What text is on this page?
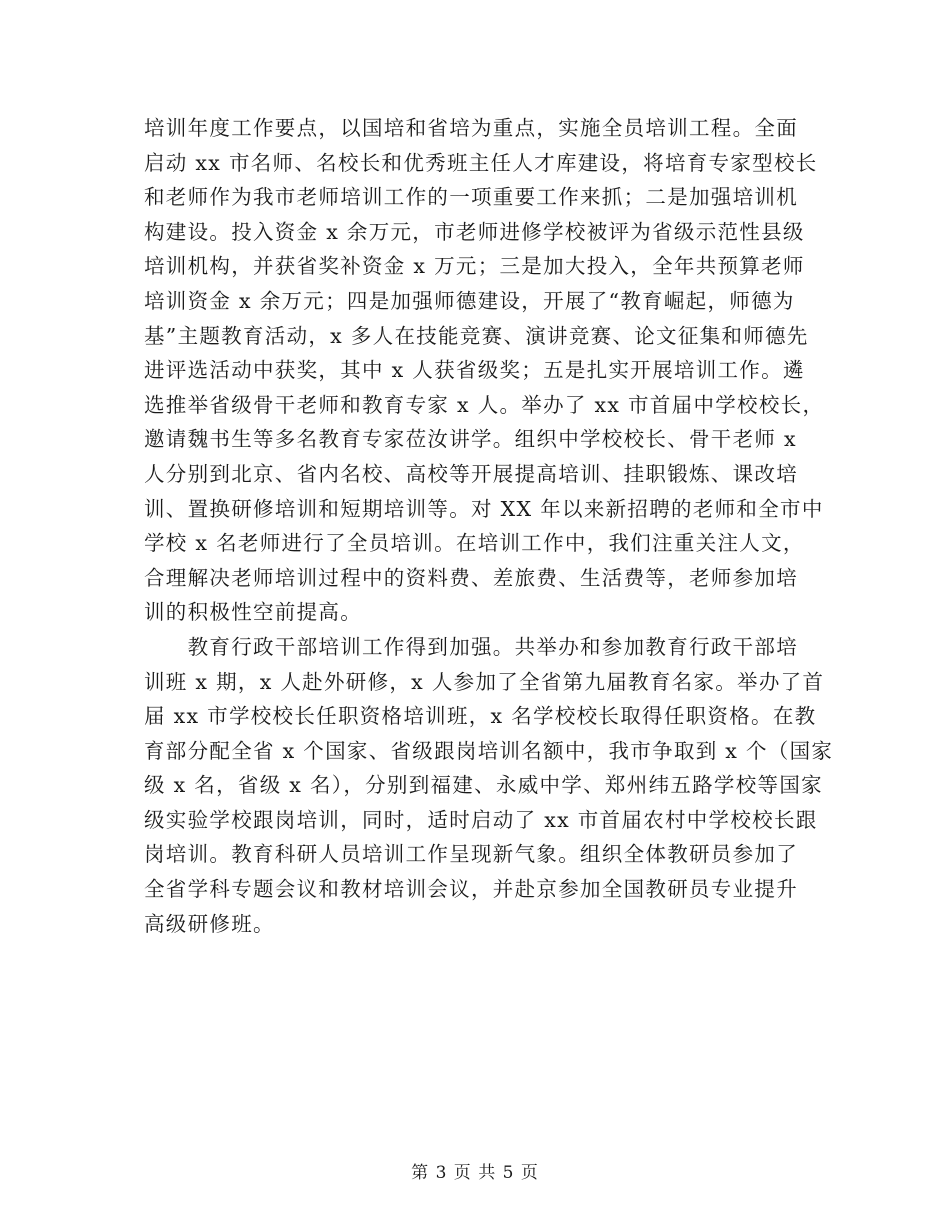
培训年度工作要点，以国培和省培为重点，实施全员培训工程。全面
启动 xx 市名师、名校长和优秀班主任人才库建设，将培育专家型校长
和老师作为我市老师培训工作的一项重要工作来抓；二是加强培训机
构建设。投入资金 x 余万元，市老师进修学校被评为省级示范性县级
培训机构，并获省奖补资金 x 万元；三是加大投入，全年共预算老师
培训资金 x 余万元；四是加强师德建设，开展了“教育崛起，师德为
基”主题教育活动，x 多人在技能竞赛、演讲竞赛、论文征集和师德先
进评选活动中获奖，其中 x 人获省级奖；五是扎实开展培训工作。遴
选推举省级骨干老师和教育专家 x 人。举办了 xx 市首届中学校校长，
邀请魏书生等多名教育专家莅汝讲学。组织中学校校长、骨干老师 x
人分别到北京、省内名校、高校等开展提高培训、挂职锻炼、课改培
训、置换研修培训和短期培训等。对 XX 年以来新招聘的老师和全市中
学校 x 名老师进行了全员培训。在培训工作中，我们注重关注人文，
合理解决老师培训过程中的资料费、差旅费、生活费等，老师参加培
训的积极性空前提高。
　　教育行政干部培训工作得到加强。共举办和参加教育行政干部培
训班 x 期，x 人赴外研修，x 人参加了全省第九届教育名家。举办了首
届 xx 市学校校长任职资格培训班，x 名学校校长取得任职资格。在教
育部分配全省 x 个国家、省级跟岗培训名额中，我市争取到 x 个（国家
级 x 名，省级 x 名），分别到福建、永威中学、郑州纬五路学校等国家
级实验学校跟岗培训，同时，适时启动了 xx 市首届农村中学校校长跟
岗培训。教育科研人员培训工作呈现新气象。组织全体教研员参加了
全省学科专题会议和教材培训会议，并赴京参加全国教研员专业提升
高级研修班。
第 3 页 共 5 页
